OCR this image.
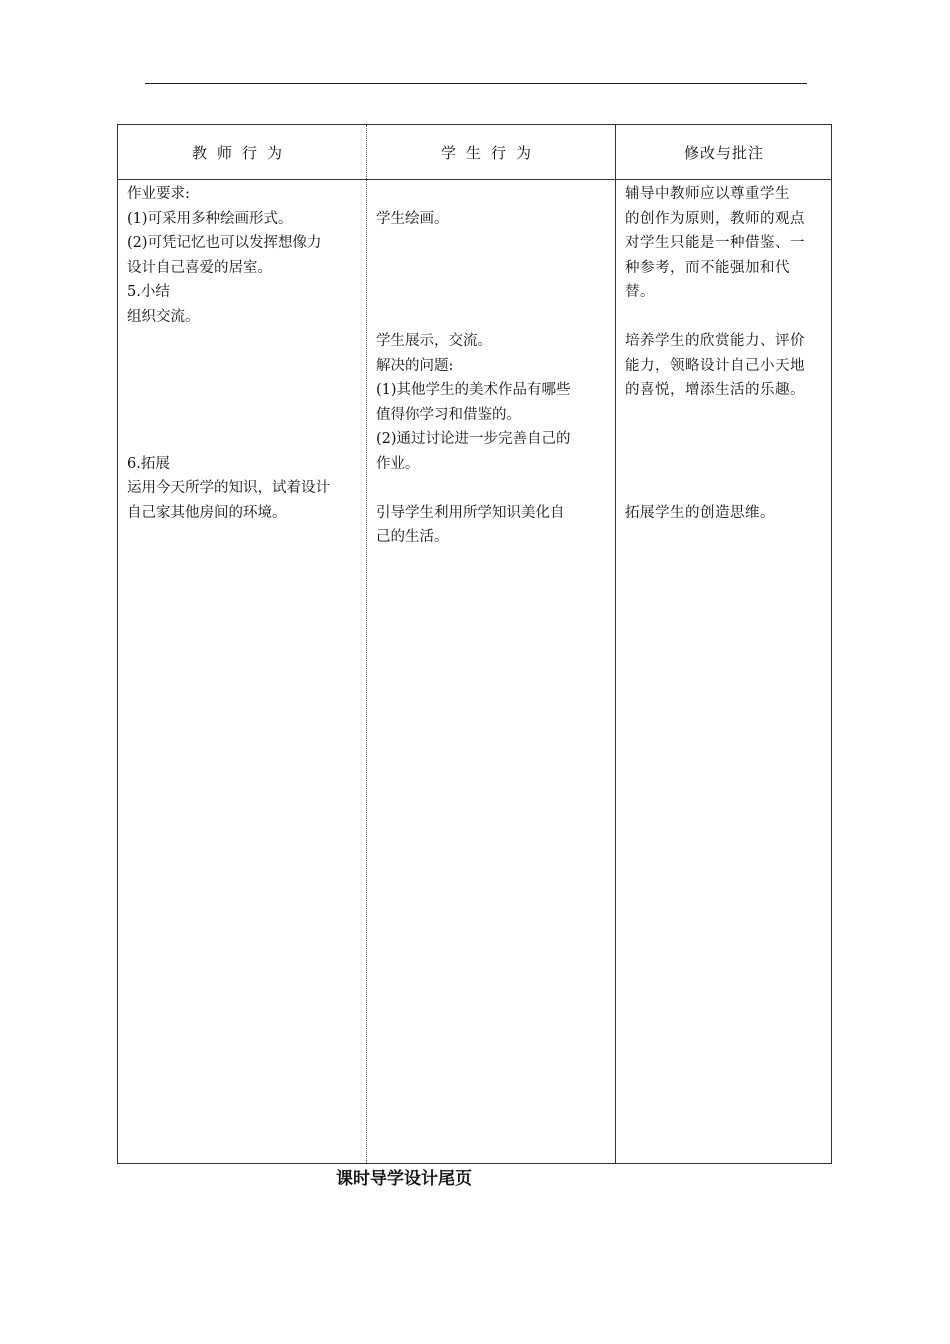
教师行为	学生行为	修改与批注

作业要求:

(1)可采用多种绘画形式。

(2)可凭记忆也可以发挥想像力

设计自己喜爱的居室。

5.小结

组织交流。

6.拓展

运用今天所学的知识，试着设计

自己家其他房间的环境。

学生绘画。

学生展示，交流。

解决的问题:

(1)其他学生的美术作品有哪些

值得你学习和借鉴的。

(2)通过讨论进一步完善自己的

作业。

引导学生利用所学知识美化自

己的生活。

辅导中教师应以尊重学生

的创作为原则，教师的观点

对学生只能是一种借鉴、一

种参考，而不能强加和代

替。

培养学生的欣赏能力、评价

能力，领略设计自己小天地

的喜悦，增添生活的乐趣。

拓展学生的创造思维。

课时导学设计尾页
